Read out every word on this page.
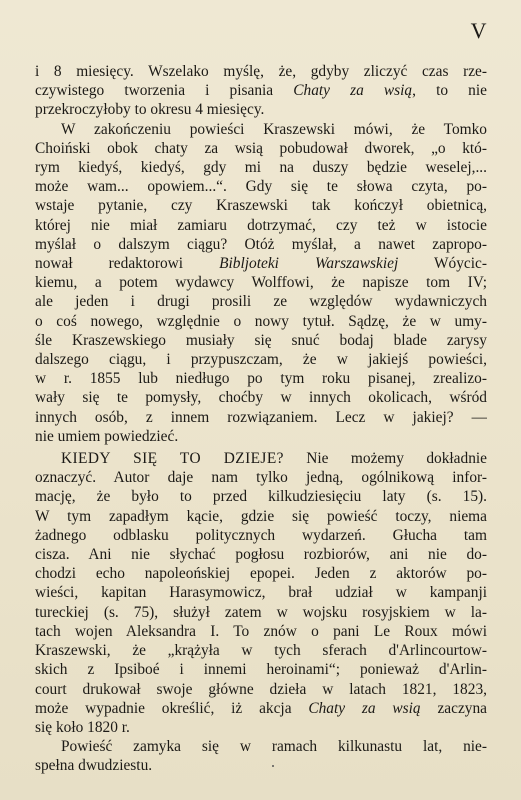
V
i 8 miesięcy. Wszelako myślę, że, gdyby zliczyć czas rze-
czywistego tworzenia i pisania Chaty za wsią, to nie
przekroczyłoby to okresu 4 miesięcy.
W zakończeniu powieści Kraszewski mówi, że Tomko
Choiński obok chaty za wsią pobudował dworek, „o któ-
rym kiedyś, kiedyś, gdy mi na duszy będzie weselej,...
może wam... opowiem...“. Gdy się te słowa czyta, po-
wstaje pytanie, czy Kraszewski tak kończył obietnicą,
której nie miał zamiaru dotrzymać, czy też w istocie
myślał o dalszym ciągu? Otóż myślał, a nawet zapropo-
nował redaktorowi Bibljoteki Warszawskiej Wóycic-
kiemu, a potem wydawcy Wolffowi, że napisze tom IV;
ale jeden i drugi prosili ze względów wydawniczych
o coś nowego, względnie o nowy tytuł. Sądzę, że w umy-
śle Kraszewskiego musiały się snuć bodaj blade zarysy
dalszego ciągu, i przypuszczam, że w jakiejś powieści,
w r. 1855 lub niedługo po tym roku pisanej, zrealizo-
wały się te pomysły, choćby w innych okolicach, wśród
innych osób, z innem rozwiązaniem. Lecz w jakiej? —
nie umiem powiedzieć.
KIEDY SIĘ TO DZIEJE? Nie możemy dokładnie
oznaczyć. Autor daje nam tylko jedną, ogólnikową infor-
mację, że było to przed kilkudziesięciu laty (s. 15).
W tym zapadłym kącie, gdzie się powieść toczy, niema
żadnego odblasku politycznych wydarzeń. Głucha tam
cisza. Ani nie słychać pogłosu rozbiorów, ani nie do-
chodzi echo napoleońskiej epopei. Jeden z aktorów po-
wieści, kapitan Harasymowicz, brał udział w kampanji
tureckiej (s. 75), służył zatem w wojsku rosyjskiem w la-
tach wojen Aleksandra I. To znów o pani Le Roux mówi
Kraszewski, że „krążyła w tych sferach d'Arlincourtow-
skich z Ipsiboé i innemi heroinami“; ponieważ d'Arlin-
court drukował swoje główne dzieła w latach 1821, 1823,
może wypadnie określić, iż akcja Chaty za wsią zaczyna
się koło 1820 r.
Powieść zamyka się w ramach kilkunastu lat, nie-
spełna dwudziestu.
